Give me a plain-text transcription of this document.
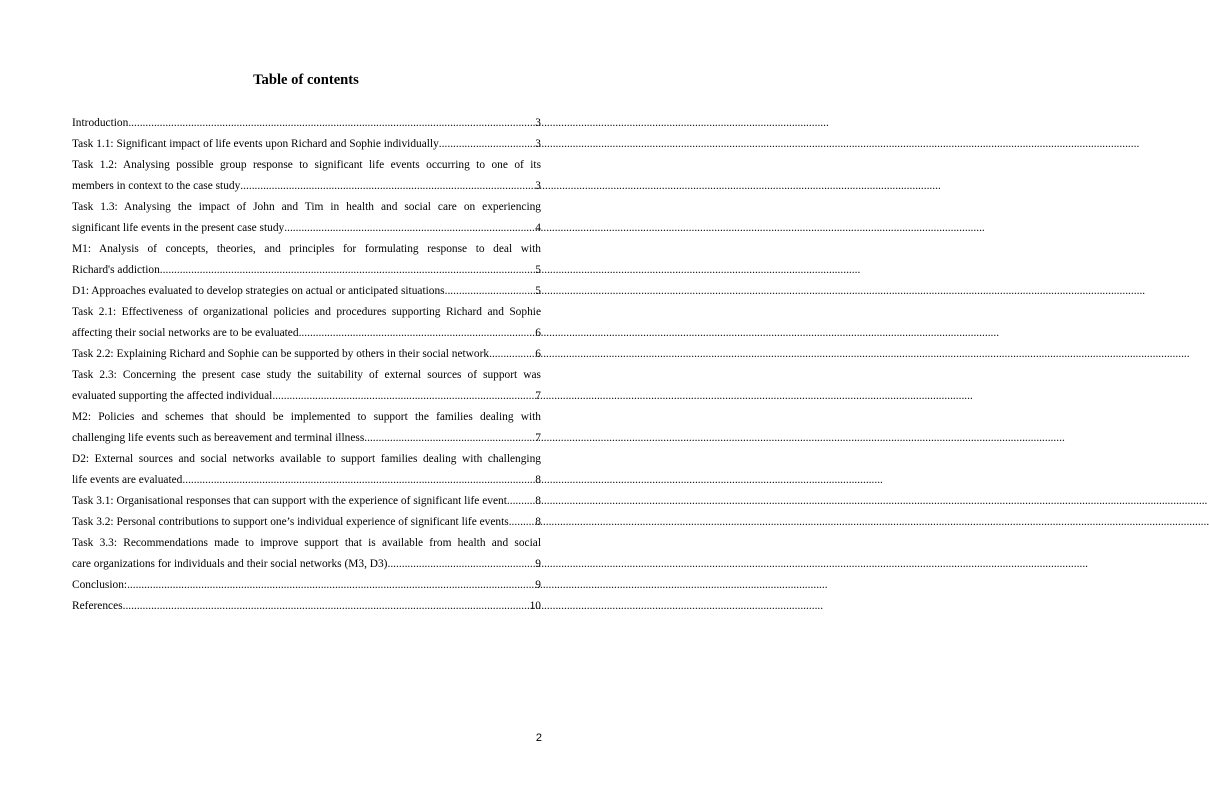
Table of contents
Introduction .....	3
Task 1.1: Significant impact of life events upon Richard and Sophie individually .....	3
Task 1.2: Analysing possible group response to significant life events occurring to one of its
members in context to the case study .....	3
Task 1.3: Analysing the impact of John and Tim in health and social care on experiencing
significant life events in the present case study .....	4
M1: Analysis of concepts, theories, and principles for formulating response to deal with
Richard's addiction .....	5
D1: Approaches evaluated to develop strategies on actual or anticipated situations .....	5
Task 2.1: Effectiveness of organizational policies and procedures supporting Richard and Sophie
affecting their social networks are to be evaluated .....	6
Task 2.2: Explaining Richard and Sophie can be supported by others in their social network .....	6
Task 2.3: Concerning the present case study the suitability of external sources of support was
evaluated supporting the affected individual .....	7
M2: Policies and schemes that should be implemented to support the families dealing with
challenging life events such as bereavement and terminal illness .....	7
D2: External sources and social networks available to support families dealing with challenging
life events are evaluated .....	8
Task 3.1: Organisational responses that can support with the experience of significant life event ..... 8
Task 3.2: Personal contributions to support one’s individual experience of significant life events ..... 8
Task 3.3: Recommendations made to improve support that is available from health and social
care organizations for individuals and their social networks (M3, D3) .....	9
Conclusion: .....	9
References .....	10
2
